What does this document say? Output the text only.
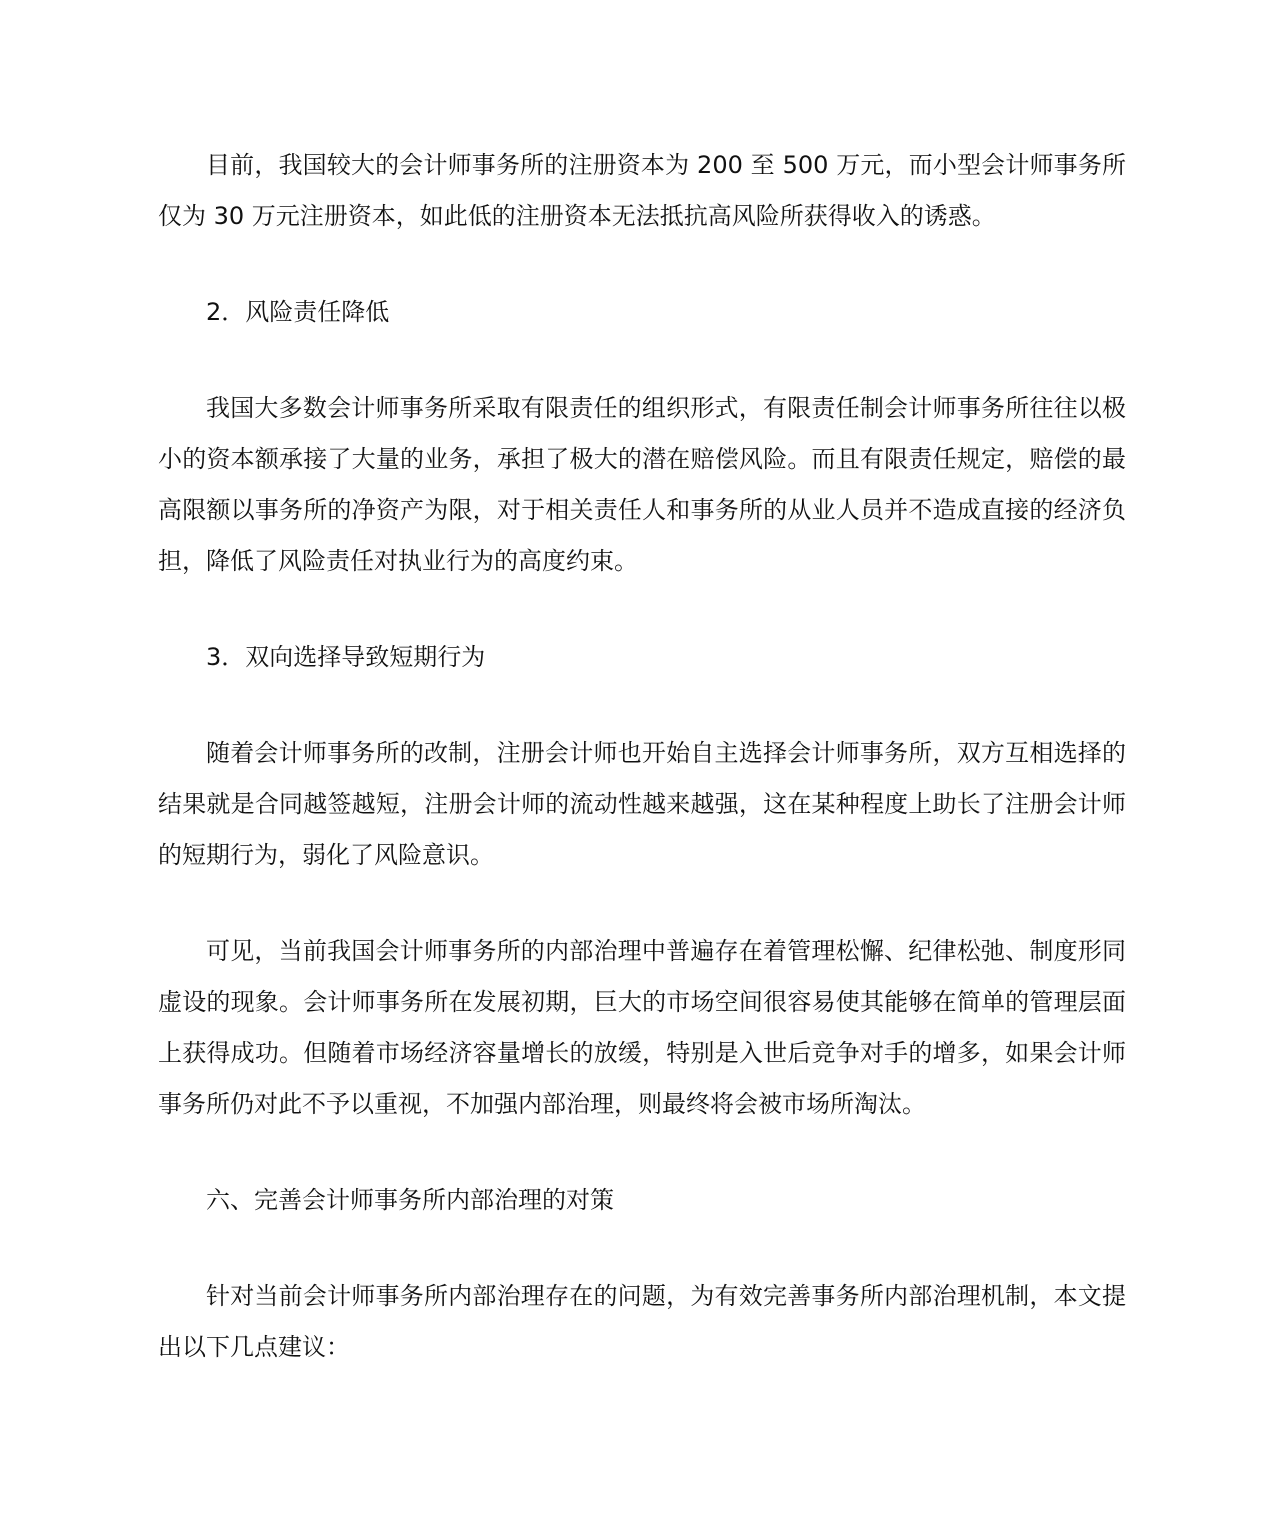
目前，我国较大的会计师事务所的注册资本为 200 至 500 万元，而小型会计师事务所仅为 30 万元注册资本，如此低的注册资本无法抵抗高风险所获得收入的诱惑。

2．风险责任降低

我国大多数会计师事务所采取有限责任的组织形式，有限责任制会计师事务所往往以极小的资本额承接了大量的业务，承担了极大的潜在赔偿风险。而且有限责任规定，赔偿的最高限额以事务所的净资产为限，对于相关责任人和事务所的从业人员并不造成直接的经济负担，降低了风险责任对执业行为的高度约束。

3．双向选择导致短期行为

随着会计师事务所的改制，注册会计师也开始自主选择会计师事务所，双方互相选择的结果就是合同越签越短，注册会计师的流动性越来越强，这在某种程度上助长了注册会计师的短期行为，弱化了风险意识。

可见，当前我国会计师事务所的内部治理中普遍存在着管理松懈、纪律松弛、制度形同虚设的现象。会计师事务所在发展初期，巨大的市场空间很容易使其能够在简单的管理层面上获得成功。但随着市场经济容量增长的放缓，特别是入世后竞争对手的增多，如果会计师事务所仍对此不予以重视，不加强内部治理，则最终将会被市场所淘汰。

六、完善会计师事务所内部治理的对策

针对当前会计师事务所内部治理存在的问题，为有效完善事务所内部治理机制，本文提出以下几点建议：
